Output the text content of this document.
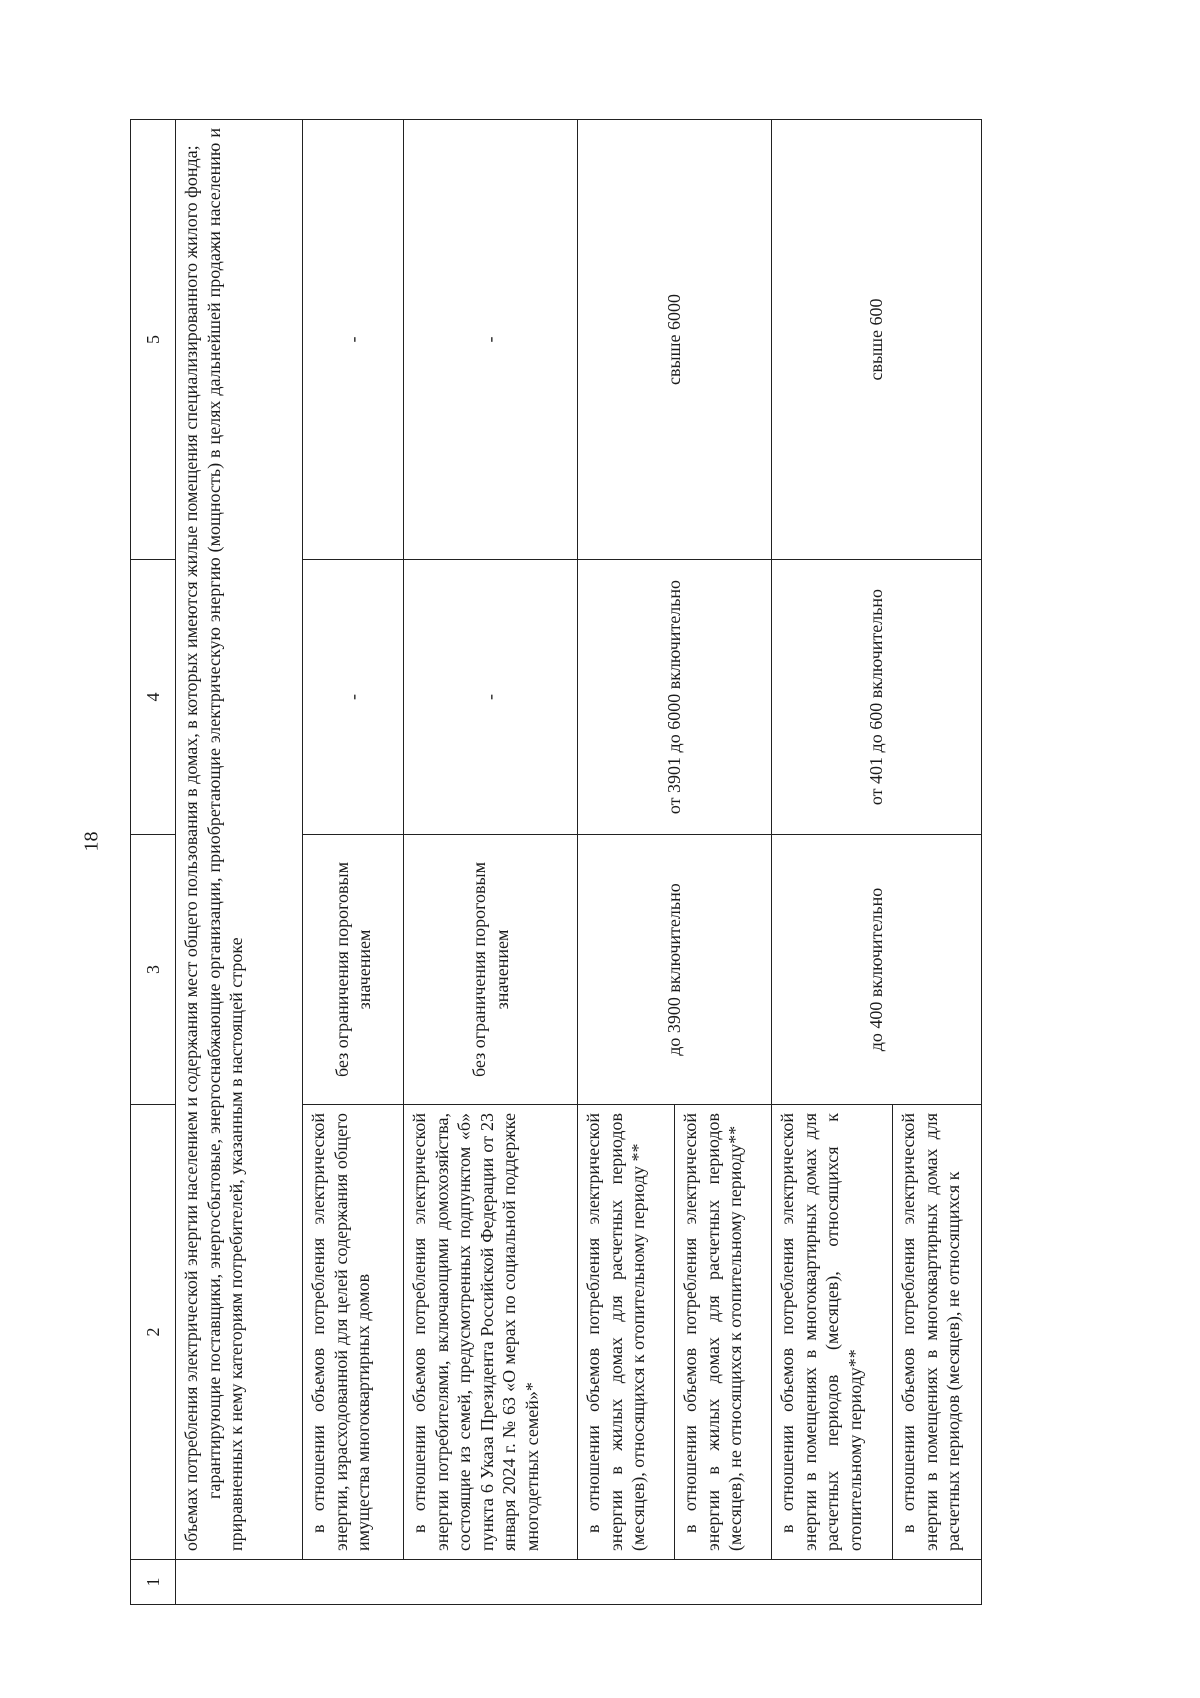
18
1	2	3	4	5

	объемах потребления электрической энергии населением и содержания мест общего пользования в домах, в которых имеются жилые помещения специализированного жилого фонда; гарантирующие поставщики, энергосбытовые, энергоснабжающие организации, приобретающие электрическую энергию (мощность) в целях дальнейшей продажи населению и приравненных к нему категориям потребителей, указанным в настоящей строке			

	в отношении объемов потребления электрической энергии, израсходованной для целей содержания общего имущества многоквартирных домов	без ограничения пороговым значением	-	-

	в отношении объемов потребления электрической энергии потребителями, включающими домохозяйства, состоящие из семей, предусмотренных подпунктом «б» пункта 6 Указа Президента Российской Федерации от 23 января 2024 г. № 63 «О мерах по социальной поддержке многодетных семей»*	без ограничения пороговым значением	-	-

	в отношении объемов потребления электрической энергии в жилых домах для расчетных периодов (месяцев), относящихся к отопительному периоду **	до 3900 включительно	от 3901 до 6000 включительно	свыше 6000

	в отношении объемов потребления электрической энергии в жилых домах для расчетных периодов (месяцев), не относящихся к отопительному периоду**			

	в отношении объемов потребления электрической энергии в помещениях в многоквартирных домах для расчетных периодов (месяцев), относящихся к отопительному периоду**	до 400 включительно	от 401 до 600 включительно	свыше 600

	в отношении объемов потребления электрической энергии в помещениях в многоквартирных домах для расчетных периодов (месяцев), не относящихся к			
